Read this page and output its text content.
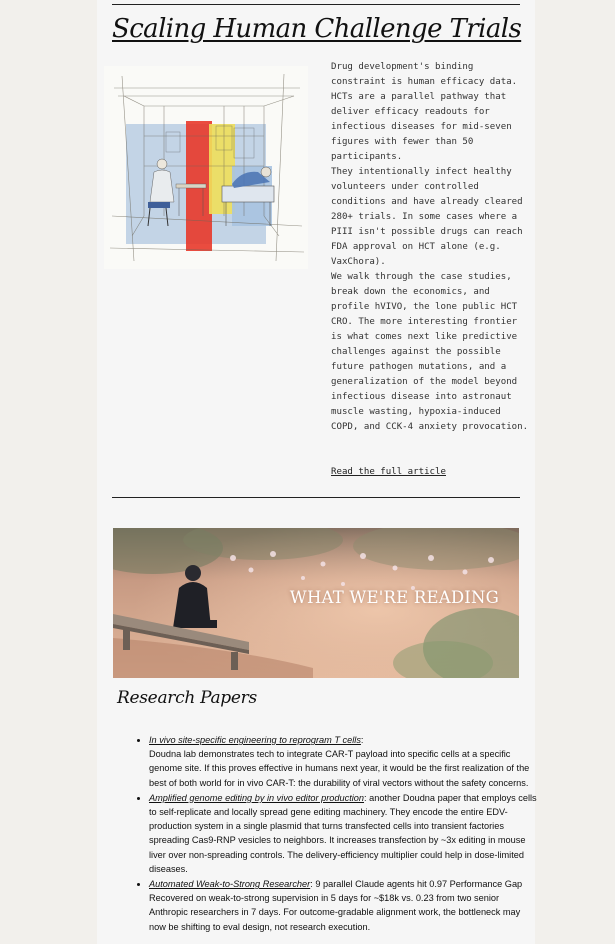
Scaling Human Challenge Trials

Drug development's binding constraint is human efficacy data. HCTs are a parallel pathway that deliver efficacy readouts for infectious diseases for mid-seven figures with fewer than 50 participants.

They intentionally infect healthy volunteers under controlled conditions and have already cleared 280+ trials. In some cases where a PIII isn't possible drugs can reach FDA approval on HCT alone (e.g. VaxChora).

We walk through the case studies, break down the economics, and profile hVIVO, the lone public HCT CRO. The more interesting frontier is what comes next like predictive challenges against the possible future pathogen mutations, and a generalization of the model beyond infectious disease into astronaut muscle wasting, hypoxia-induced COPD, and CCK-4 anxiety provocation.

Read the full article
WHAT WE'RE READING
Research Papers
• In vivo site-specific engineering to reprogram T cells:
Doudna lab demonstrates tech to integrate CAR-T payload into specific cells at a specific genome site. If this proves effective in humans next year, it would be the first realization of the best of both world for in vivo CAR-T: the durability of viral vectors without the safety concerns.
• Amplified genome editing by in vivo editor production: another Doudna paper that employs cells to self-replicate and locally spread gene editing machinery. They encode the entire EDV-production system in a single plasmid that turns transfected cells into transient factories spreading Cas9-RNP vesicles to neighbors. It increases transfection by ~3x editing in mouse liver over non-spreading controls. The delivery-efficiency multiplier could help in dose-limited diseases.
• Automated Weak-to-Strong Researcher: 9 parallel Claude agents hit 0.97 Performance Gap Recovered on weak-to-strong supervision in 5 days for ~$18k vs. 0.23 from two senior Anthropic researchers in 7 days. For outcome-gradable alignment work, the bottleneck may now be shifting to eval design, not research execution.
